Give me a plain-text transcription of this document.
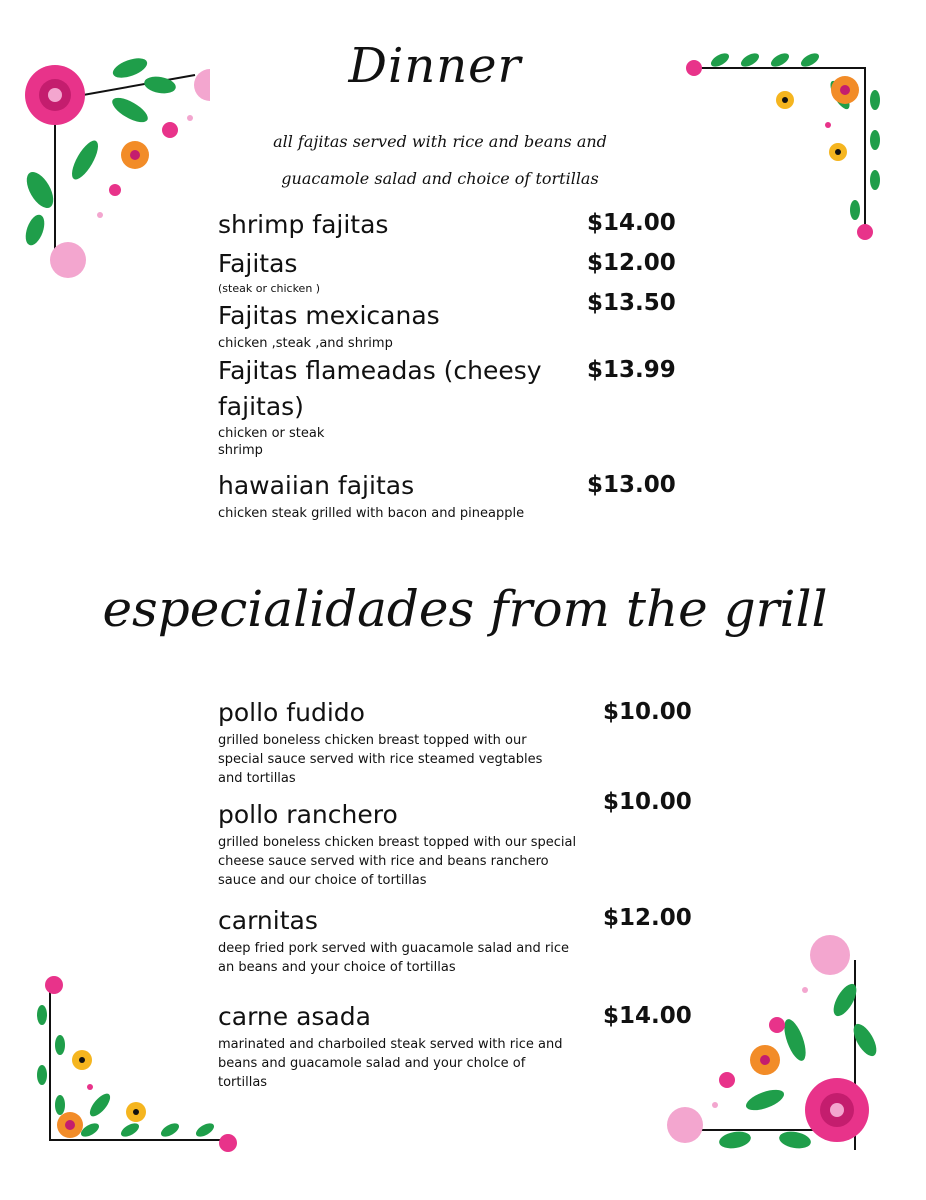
Dinner
all fajitas served with rice and beans and
guacamole salad and choice of tortillas
shrimp fajitas	$14.00
Fajitas
(steak or chicken )
$12.00
Fajitas mexicanas
chicken ,steak ,and shrimp
$13.50
Fajitas flameadas (cheesy
fajitas)
chicken or steak
shrimp
$13.99
hawaiian fajitas
chicken steak grilled with bacon and pineapple
$13.00
especialidades from the grill
pollo fudido
grilled boneless chicken breast topped with our
special sauce served with rice steamed vegtables
and tortillas
$10.00
pollo ranchero
grilled boneless chicken breast topped with our special
cheese sauce served with rice and beans ranchero
sauce and our choice of tortillas
$10.00
carnitas
deep fried pork served with guacamole salad and rice
an beans and your choice of tortillas
$12.00
carne asada
marinated and charboiled steak served with rice and
beans and guacamole salad and your cholce of
tortillas
$14.00
